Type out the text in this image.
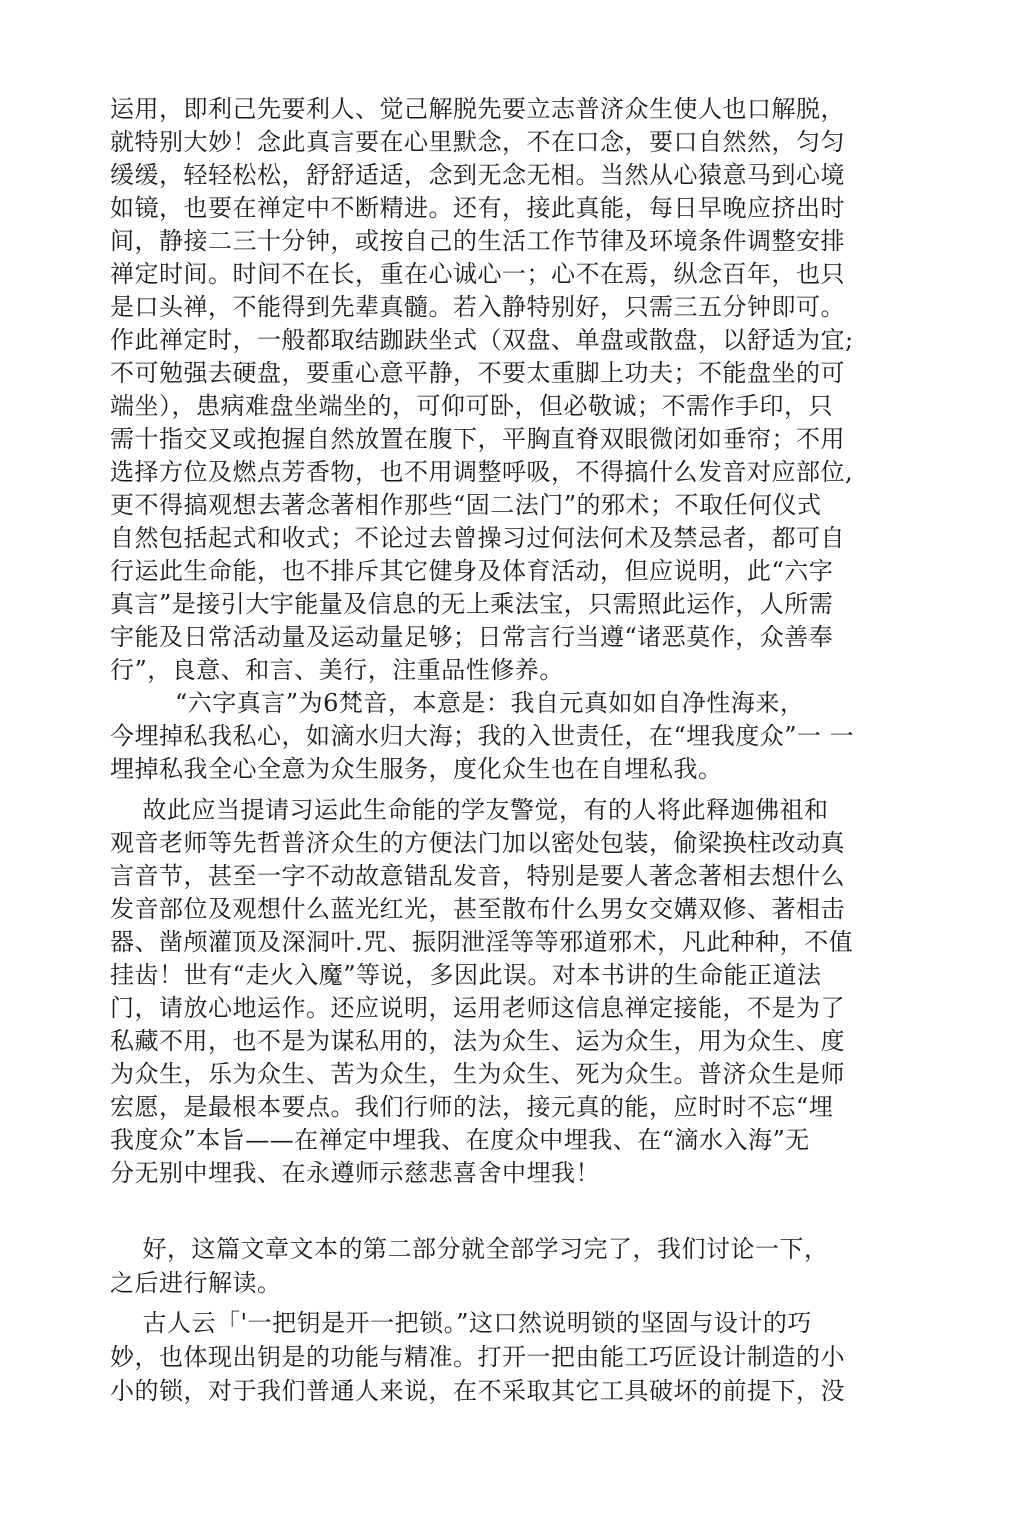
运用，即利己先要利人、觉己解脱先要立志普济众生使人也口解脱，
就特别大妙！念此真言要在心里默念，不在口念，要口自然然，匀匀
缓缓，轻轻松松，舒舒适适，念到无念无相。当然从心猿意马到心境
如镜，也要在禅定中不断精进。还有，接此真能，每日早晚应挤出时
间，静接二三十分钟，或按自己的生活工作节律及环境条件调整安排
禅定时间。时间不在长，重在心诚心一；心不在焉，纵念百年，也只
是口头禅，不能得到先辈真髓。若入静特别好，只需三五分钟即可。
作此禅定时，一般都取结跏趺坐式（双盘、单盘或散盘，以舒适为宜;
不可勉强去硬盘，要重心意平静，不要太重脚上功夫；不能盘坐的可
端坐），患病难盘坐端坐的，可仰可卧，但必敬诚；不需作手印，只
需十指交叉或抱握自然放置在腹下，平胸直脊双眼微闭如垂帘；不用
选择方位及燃点芳香物，也不用调整呼吸，不得搞什么发音对应部位,
更不得搞观想去著念著相作那些“固二法门”的邪术；不取任何仪式
自然包括起式和收式；不论过去曾操习过何法何术及禁忌者，都可自
行运此生命能，也不排斥其它健身及体育活动，但应说明，此“六字
真言”是接引大宇能量及信息的无上乘法宝，只需照此运作，人所需
宇能及日常活动量及运动量足够；日常言行当遵“诸恶莫作，众善奉
行”，良意、和言、美行，注重品性修养。
“六字真言”为6梵音，本意是：我自元真如如自净性海来，
今埋掉私我私心，如滴水归大海；我的入世责任，在“埋我度众”一 一
埋掉私我全心全意为众生服务，度化众生也在自埋私我。
故此应当提请习运此生命能的学友警觉，有的人将此释迦佛祖和
观音老师等先哲普济众生的方便法门加以密处包装，偷梁换柱改动真
言音节，甚至一字不动故意错乱发音，特别是要人著念著相去想什么
发音部位及观想什么蓝光红光，甚至散布什么男女交媾双修、著相击
器、凿颅灌顶及深洞叶.咒、振阴泄淫等等邪道邪术，凡此种种，不值
挂齿！世有“走火入魔”等说，多因此误。对本书讲的生命能正道法
门，请放心地运作。还应说明，运用老师这信息禅定接能，不是为了
私藏不用，也不是为谋私用的，法为众生、运为众生，用为众生、度
为众生，乐为众生、苦为众生，生为众生、死为众生。普济众生是师
宏愿，是最根本要点。我们行师的法，接元真的能，应时时不忘“埋
我度众”本旨——在禅定中埋我、在度众中埋我、在“滴水入海”无
分无别中埋我、在永遵师示慈悲喜舍中埋我！
好，这篇文章文本的第二部分就全部学习完了，我们讨论一下，
之后进行解读。
古人云「'一把钥是开一把锁。”这口然说明锁的坚固与设计的巧
妙，也体现出钥是的功能与精准。打开一把由能工巧匠设计制造的小
小的锁，对于我们普通人来说，在不采取其它工具破坏的前提下，没
